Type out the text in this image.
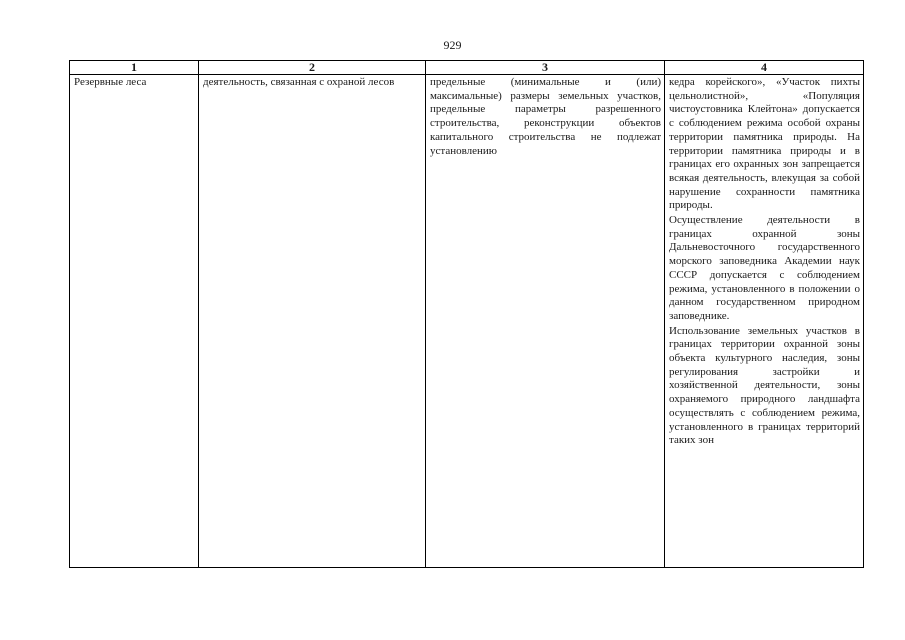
929
1	2	3	4

Резервные леса	деятельность, связанная с охраной лесов	предельные (минимальные и (или) максимальные) размеры земельных участков, предельные параметры разрешенного строительства, реконструкции объектов капитального строительства не подлежат установлению	кедра корейского», «Участок пихты цельнолистной», «Популяция чистоустовника Клейтона» допускается с соблюдением режима особой охраны территории памятника природы. На территории памятника природы и в границах его охранных зон запрещается всякая деятельность, влекущая за собой нарушение сохранности памятника природы.

Осуществление деятельности в границах охранной зоны Дальневосточного государственного морского заповедника Академии наук СССР допускается с соблюдением режима, установленного в положении о данном государственном природном заповеднике.

Использование земельных участков в границах территории охранной зоны объекта культурного наследия, зоны регулирования застройки и хозяйственной деятельности, зоны охраняемого природного ландшафта осуществлять с соблюдением режима, установленного в границах территорий таких зон
